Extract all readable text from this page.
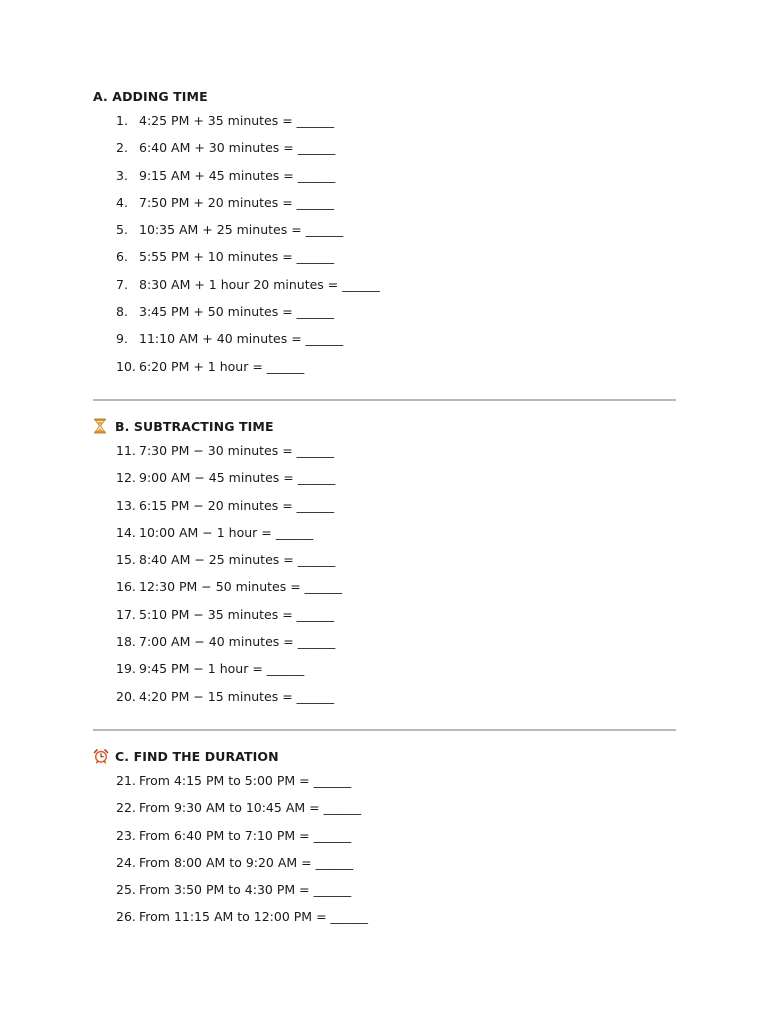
A. ADDING TIME
1. 4:25 PM + 35 minutes = ______
2. 6:40 AM + 30 minutes = ______
3. 9:15 AM + 45 minutes = ______
4. 7:50 PM + 20 minutes = ______
5. 10:35 AM + 25 minutes = ______
6. 5:55 PM + 10 minutes = ______
7. 8:30 AM + 1 hour 20 minutes = ______
8. 3:45 PM + 50 minutes = ______
9. 11:10 AM + 40 minutes = ______
10. 6:20 PM + 1 hour = ______
B. SUBTRACTING TIME
11. 7:30 PM − 30 minutes = ______
12. 9:00 AM − 45 minutes = ______
13. 6:15 PM − 20 minutes = ______
14. 10:00 AM − 1 hour = ______
15. 8:40 AM − 25 minutes = ______
16. 12:30 PM − 50 minutes = ______
17. 5:10 PM − 35 minutes = ______
18. 7:00 AM − 40 minutes = ______
19. 9:45 PM − 1 hour = ______
20. 4:20 PM − 15 minutes = ______
C. FIND THE DURATION
21. From 4:15 PM to 5:00 PM = ______
22. From 9:30 AM to 10:45 AM = ______
23. From 6:40 PM to 7:10 PM = ______
24. From 8:00 AM to 9:20 AM = ______
25. From 3:50 PM to 4:30 PM = ______
26. From 11:15 AM to 12:00 PM = ______
